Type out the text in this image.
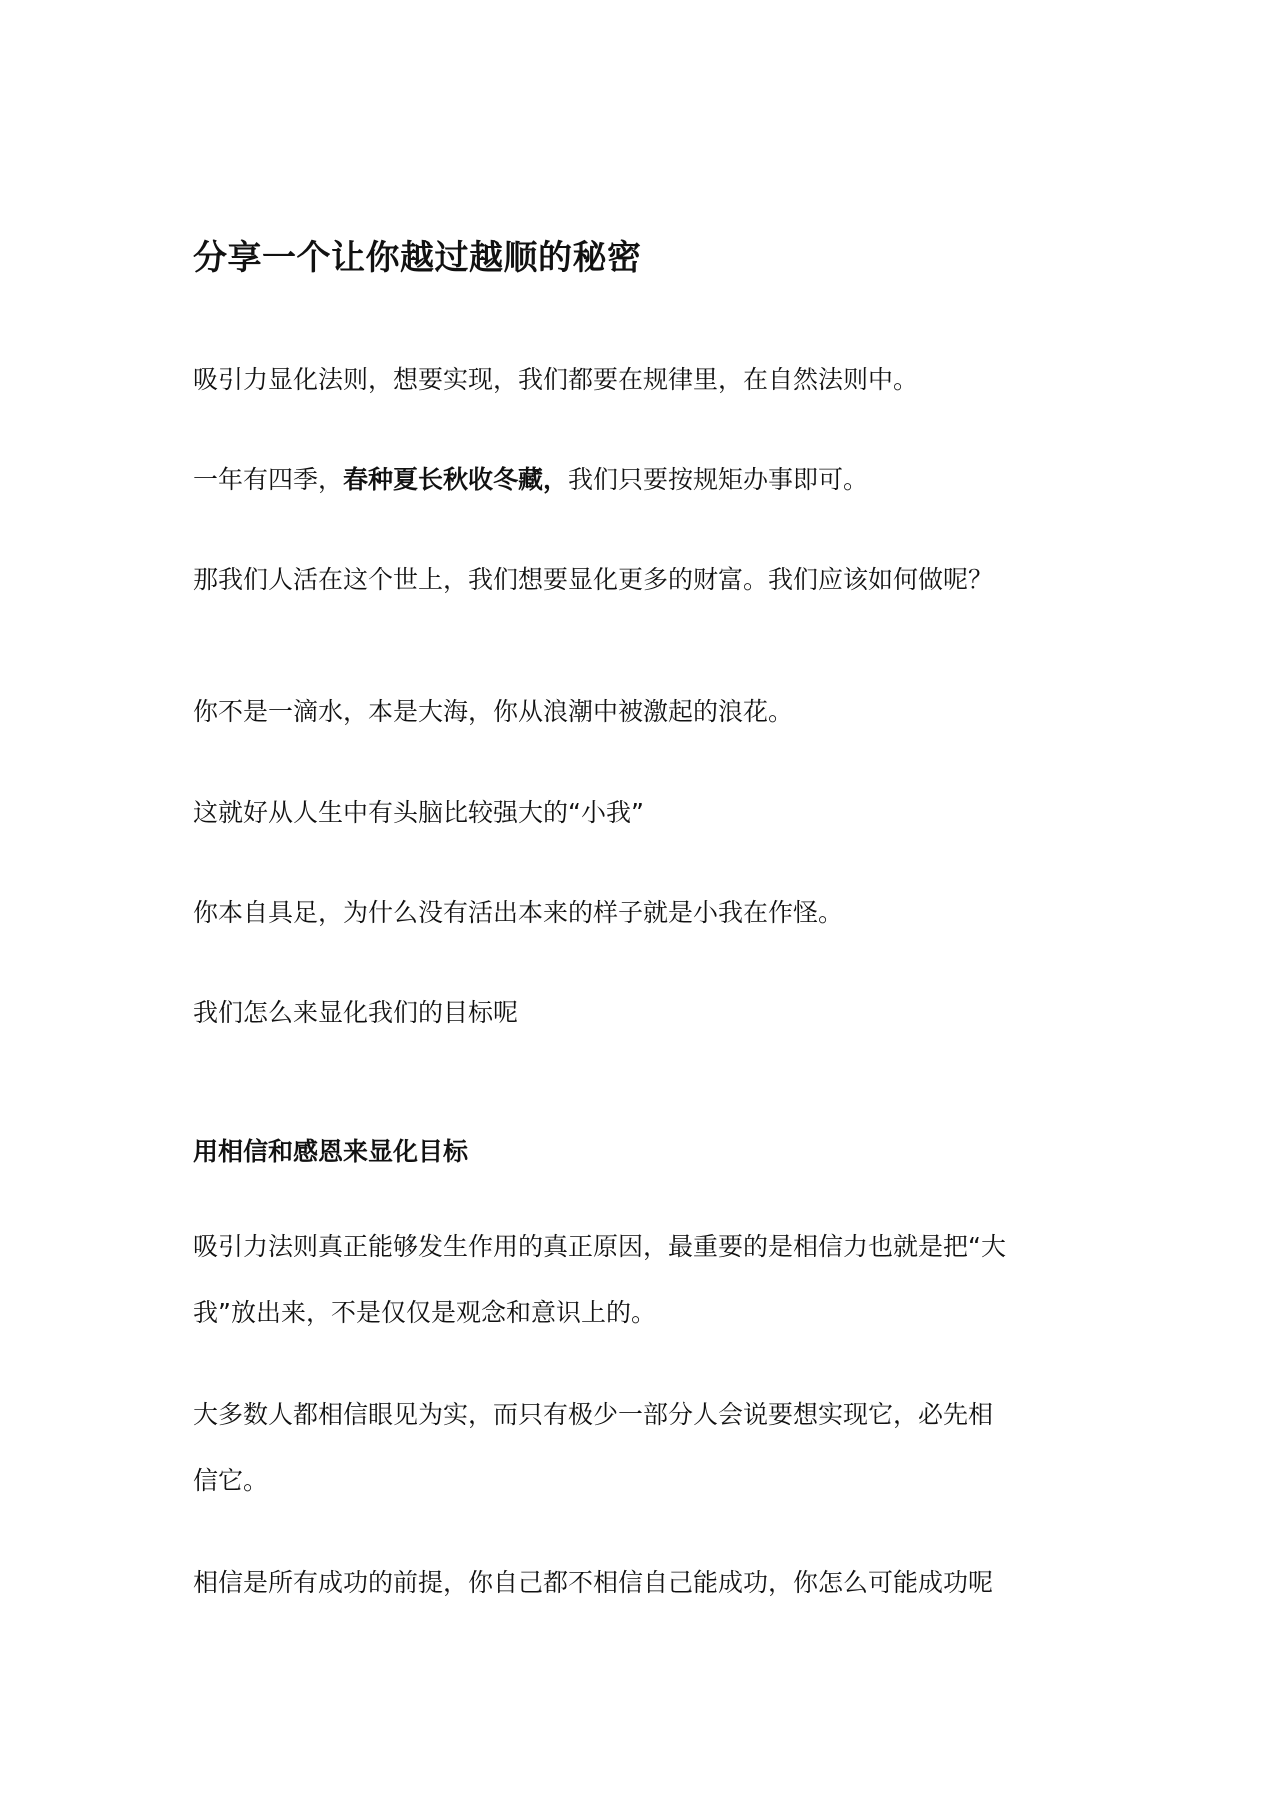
分享一个让你越过越顺的秘密

吸引力显化法则，想要实现，我们都要在规律里，在自然法则中。

一年有四季，春种夏长秋收冬藏，我们只要按规矩办事即可。

那我们人活在这个世上，我们想要显化更多的财富。我们应该如何做呢？

你不是一滴水，本是大海，你从浪潮中被激起的浪花。

这就好从人生中有头脑比较强大的“小我”

你本自具足，为什么没有活出本来的样子就是小我在作怪。

我们怎么来显化我们的目标呢

用相信和感恩来显化目标

吸引力法则真正能够发生作用的真正原因，最重要的是相信力也就是把“大

我”放出来，不是仅仅是观念和意识上的。

大多数人都相信眼见为实，而只有极少一部分人会说要想实现它，必先相

信它。

相信是所有成功的前提，你自己都不相信自己能成功，你怎么可能成功呢
